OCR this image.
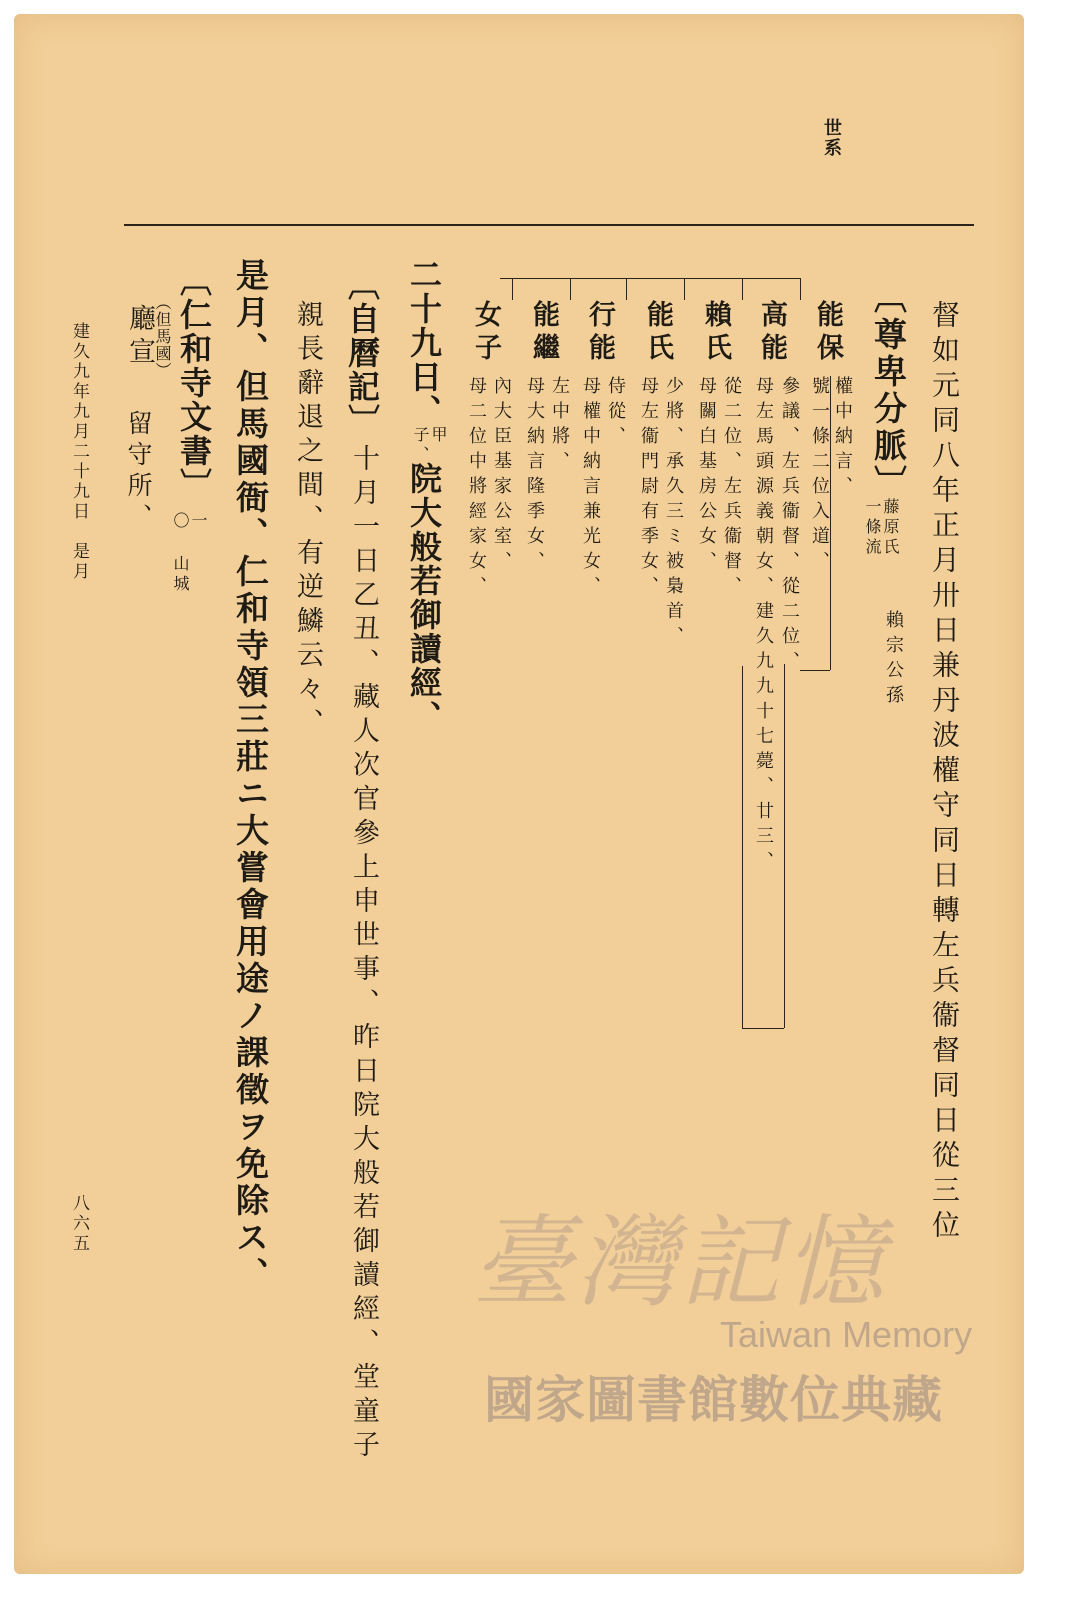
世系
督如元同八年正月卅日兼丹波權守同日轉左兵衞督同日從三位
〔尊卑分脈〕
藤原氏
一條流
賴宗公孫
能保
權中納言、
號一條二位入道、
高能
參議、左兵衞督、從二位、
母左馬頭源義朝女、建久九九十七薨、廿三、
賴氏
從二位、左兵衞督、
母關白基房公女、
能氏
少將、承久三ミ被梟首、
母左衞門尉有季女、
行能
侍從、
母權中納言兼光女、
能繼
左中將、
母大納言隆季女、
女子
內大臣基家公室、
母二位中將經家女、
二十九日、
甲
子、
院大般若御讀經、
〔自曆記〕
十月一日乙丑、藏人次官參上申世事、昨日院大般若御讀經、堂童子
親長辭退之間、有逆鱗云々、
是月、但馬國衙、仁和寺領三莊ニ大嘗會用途ノ課徵ヲ免除ス、
〔仁和寺文書〕
一
〇 山城
（但馬國）
廳宣
留守所、
建久九年九月二十九日　是月
八六五	臺灣記憶
Taiwan Memory
國家圖書館數位典藏
